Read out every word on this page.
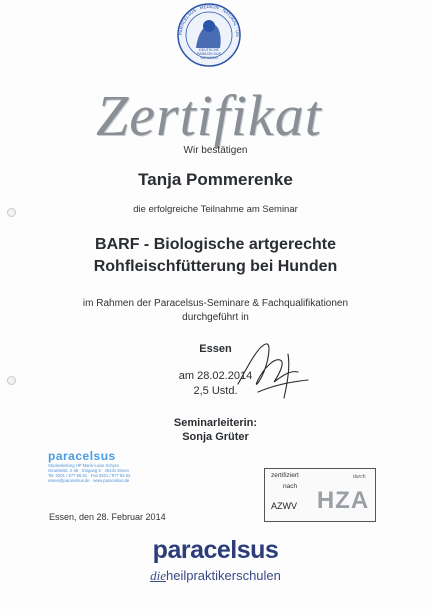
DEUTSCHE
PARACELSUS
SCHULEN
PARACELSUS · MEDICIN · NATURAL · UN
Zertifikat
Wir bestätigen
Tanja Pommerenke
die erfolgreiche Teilnahme am Seminar
BARF - Biologische artgerechte
Rohfleischfütterung bei Hunden
im Rahmen der Paracelsus-Seminare & Fachqualifikationen
durchgeführt in
Essen
am 28.02.2014
2,5 Ustd.
Seminarleiterin:
Sonja Grüter
paracelsus
Studienleitung HP Marie-Luise Schyra
Girardetstr. 2-38 · Eingang 5 · 45131 Essen
Tel. 0201 / 877 55 51 · Fax 0201 / 877 55 52
essen@paracelsus.de · www.paracelsus.de
zertifiziert
nach
AZWV
durch
HZA
Essen, den 28. Februar 2014
paracelsus
dieheilpraktikerschulen
